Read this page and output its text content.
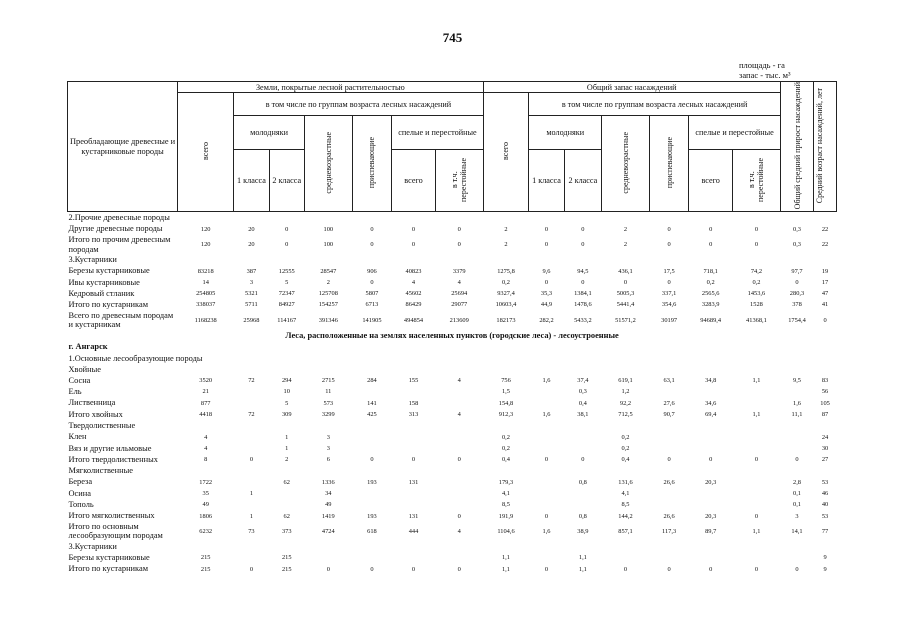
745
площадь - га
запас - тыс. м³
Преобладающие древесные и кустарниковые породы	Земли, покрытые лесной растительностью							Общий запас насаждений							Общий средний прирост насаждений	Средний возраст насаждений, лет
	всего	в том числе по группам возраста лесных насаждений						всего	в том числе по группам возраста лесных насаждений							
		молодняки		средневозрастные	приспевающие	спелые и перестойные			молодняки		средневозрастные	приспевающие	спелые и перестойные			
		1 класса	2 класса			всего	в т.ч. перестойные		1 класса	2 класса			всего	в т.ч. перестойные		
2.Прочие древесные породы																
Другие древесные породы	120	20	0	100	0	0	0	2	0	0	2	0	0	0	0,3	22
Итого по прочим древесным породам	120	20	0	100	0	0	0	2	0	0	2	0	0	0	0,3	22
3.Кустарники																
Березы кустарниковые	83218	387	12555	28547	906	40823	3379	1275,8	9,6	94,5	436,1	17,5	718,1	74,2	97,7	19
Ивы кустарниковые	14	3	5	2	0	4	4	0,2	0	0	0	0	0,2	0,2	0	17
Кедровый стланик	254805	5321	72347	125708	5807	45602	25694	9327,4	35,3	1384,1	5005,3	337,1	2565,6	1453,6	280,3	47
Итого по кустарникам	338037	5711	84927	154257	6713	86429	29077	10603,4	44,9	1478,6	5441,4	354,6	3283,9	1528	378	41
Всего по древесным породам и кустарникам	1168238	25968	114167	391346	141905	494854	213609	182173	282,2	5433,2	51571,2	30197	94689,4	41368,1	1754,4	0
Леса, расположенные на землях населенных пунктов (городские леса) - лесоустроенные																
г. Ангарск																
1.Основные лесообразующие породы																
Хвойные																
Сосна	3520	72	294	2715	284	155	4	756	1,6	37,4	619,1	63,1	34,8	1,1	9,5	83
Ель	21		10	11				1,5		0,3	1,2					56
Лиственница	877		5	573	141	158		154,8		0,4	92,2	27,6	34,6		1,6	105
Итого хвойных	4418	72	309	3299	425	313	4	912,3	1,6	38,1	712,5	90,7	69,4	1,1	11,1	87
Твердолиственные																
Клен	4		1	3				0,2			0,2					24
Вяз и другие ильмовые	4		1	3				0,2			0,2					30
Итого твердолиственных	8	0	2	6	0	0	0	0,4	0	0	0,4	0	0	0	0	27
Мягколиственные																
Береза	1722		62	1336	193	131		179,3		0,8	131,6	26,6	20,3		2,8	53
Осина	35	1		34				4,1			4,1				0,1	46
Тополь	49			49				8,5			8,5				0,1	40
Итого мягколиственных	1806	1	62	1419	193	131	0	191,9	0	0,8	144,2	26,6	20,3	0	3	53
Итого по основным лесообразующим породам	6232	73	373	4724	618	444	4	1104,6	1,6	38,9	857,1	117,3	89,7	1,1	14,1	77
3.Кустарники																
Березы кустарниковые	215		215					1,1		1,1						9
Итого по кустарникам	215	0	215	0	0	0	0	1,1	0	1,1	0	0	0	0	0	9
